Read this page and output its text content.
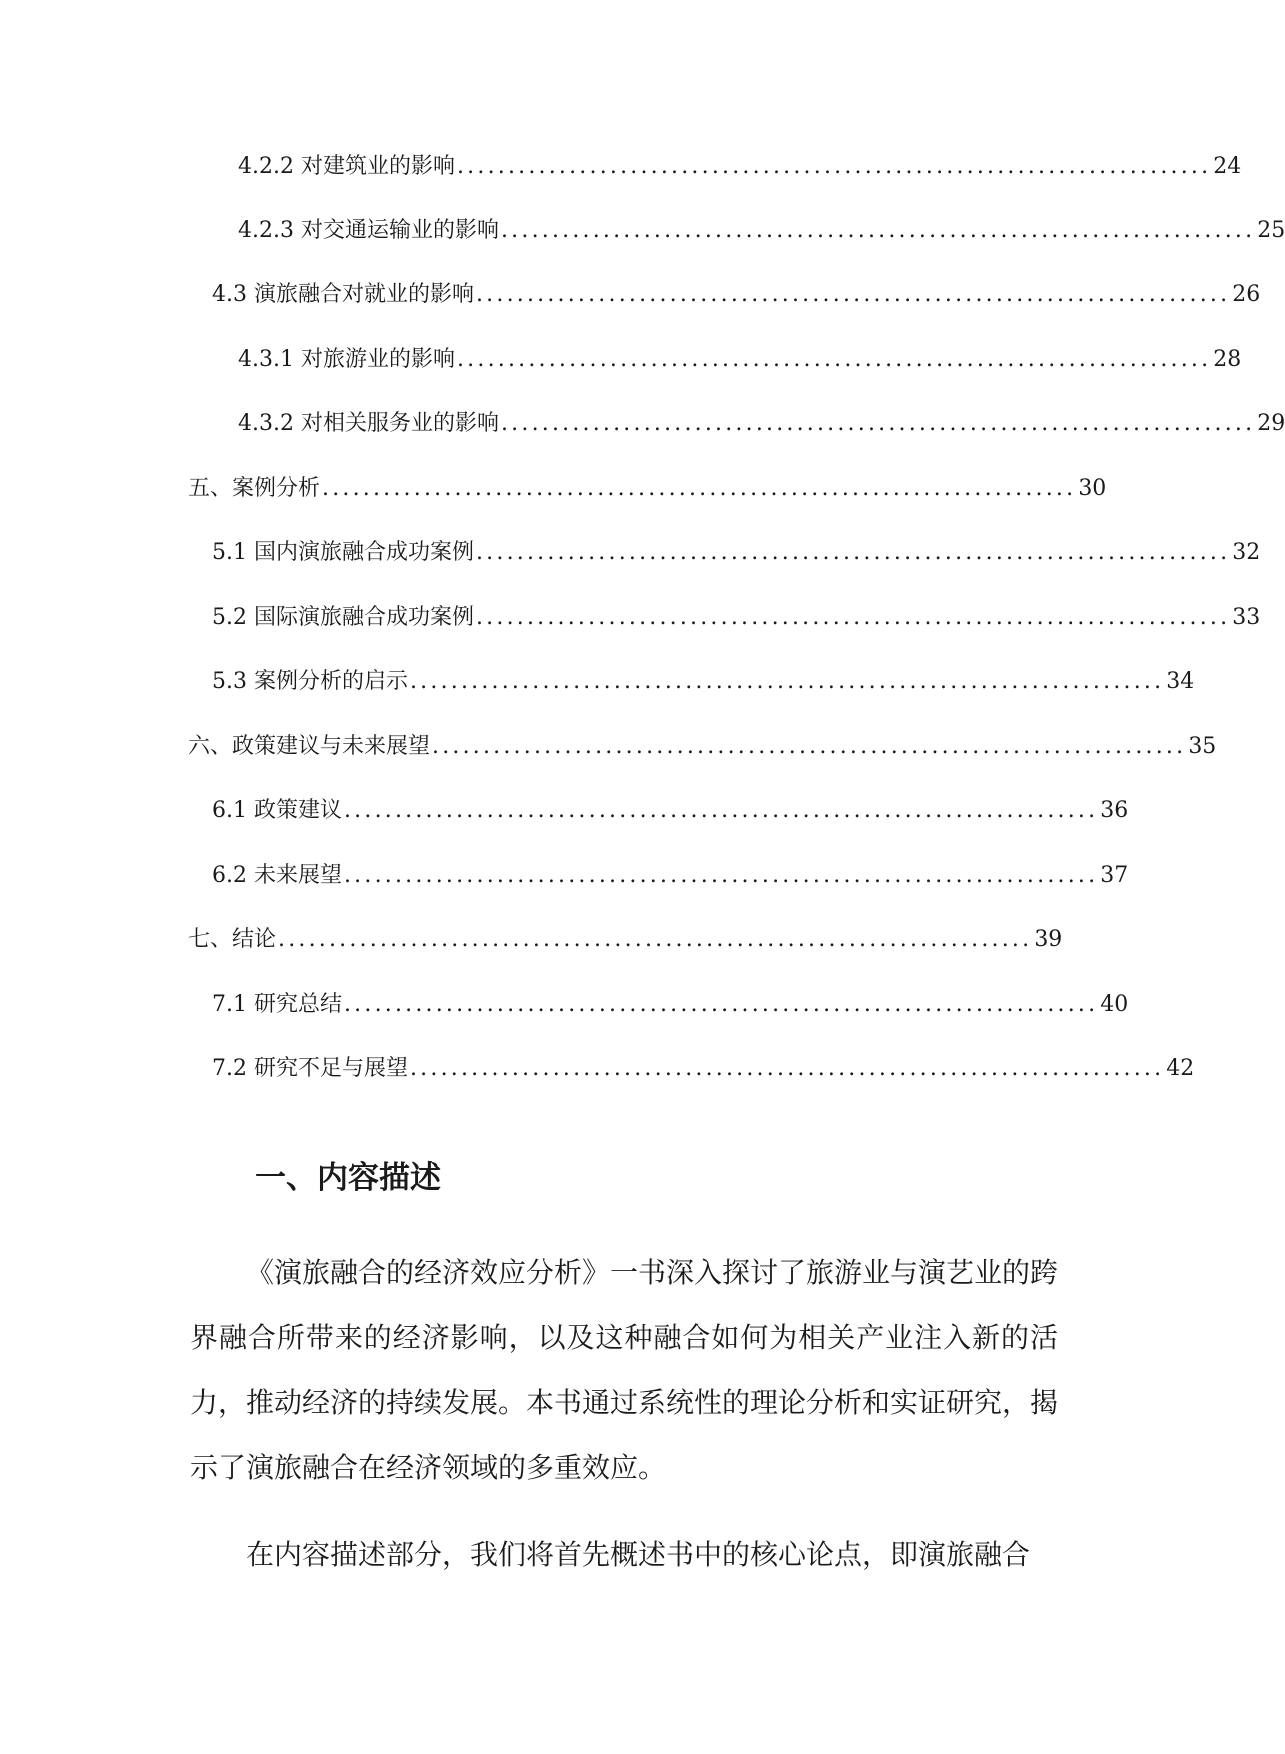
4.2.2 对建筑业的影响 .......................................................................... 24
4.2.3 对交通运输业的影响 .......................................................................... 25
4.3 演旅融合对就业的影响 .......................................................................... 26
4.3.1 对旅游业的影响 .......................................................................... 28
4.3.2 对相关服务业的影响 .......................................................................... 29
五、案例分析 .......................................................................... 30
5.1 国内演旅融合成功案例 .......................................................................... 32
5.2 国际演旅融合成功案例 .......................................................................... 33
5.3 案例分析的启示 .......................................................................... 34
六、政策建议与未来展望 .......................................................................... 35
6.1 政策建议 .......................................................................... 36
6.2 未来展望 .......................................................................... 37
七、结论 .......................................................................... 39
7.1 研究总结 .......................................................................... 40
7.2 研究不足与展望 .......................................................................... 42
一、内容描述

《演旅融合的经济效应分析》一书深入探讨了旅游业与演艺业的跨界融合所带来的经济影响，以及这种融合如何为相关产业注入新的活力，推动经济的持续发展。本书通过系统性的理论分析和实证研究，揭示了演旅融合在经济领域的多重效应。

在内容描述部分，我们将首先概述书中的核心论点，即演旅融合
